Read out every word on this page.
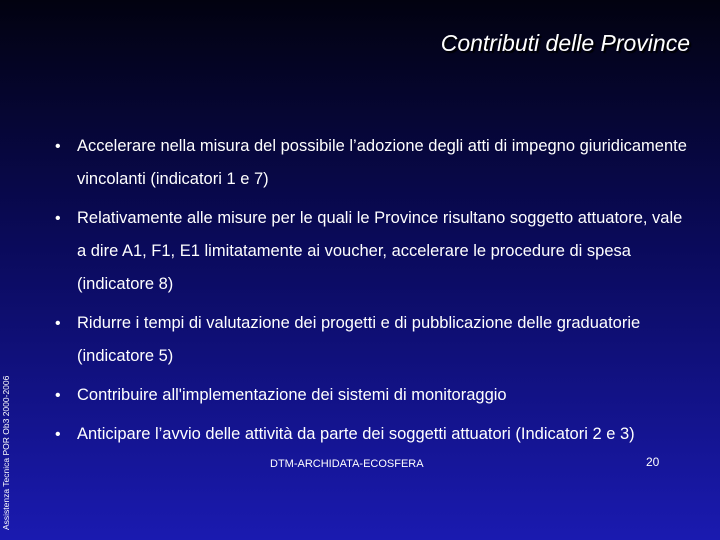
Contributi delle Province
• Accelerare nella misura del possibile l’adozione degli atti di impegno giuridicamente vincolanti (indicatori 1 e 7)
• Relativamente alle misure per le quali le Province risultano soggetto attuatore, vale a dire A1, F1, E1 limitatamente ai voucher, accelerare le procedure di spesa (indicatore 8)
• Ridurre i tempi di valutazione dei progetti e di pubblicazione delle graduatorie (indicatore 5)
• Contribuire all'implementazione dei sistemi di monitoraggio
• Anticipare l’avvio delle attività da parte dei soggetti attuatori (Indicatori 2 e 3)
Assistenza Tecnica POR Ob3 2000-2006	DTM-ARCHIDATA-ECOSFERA	20
